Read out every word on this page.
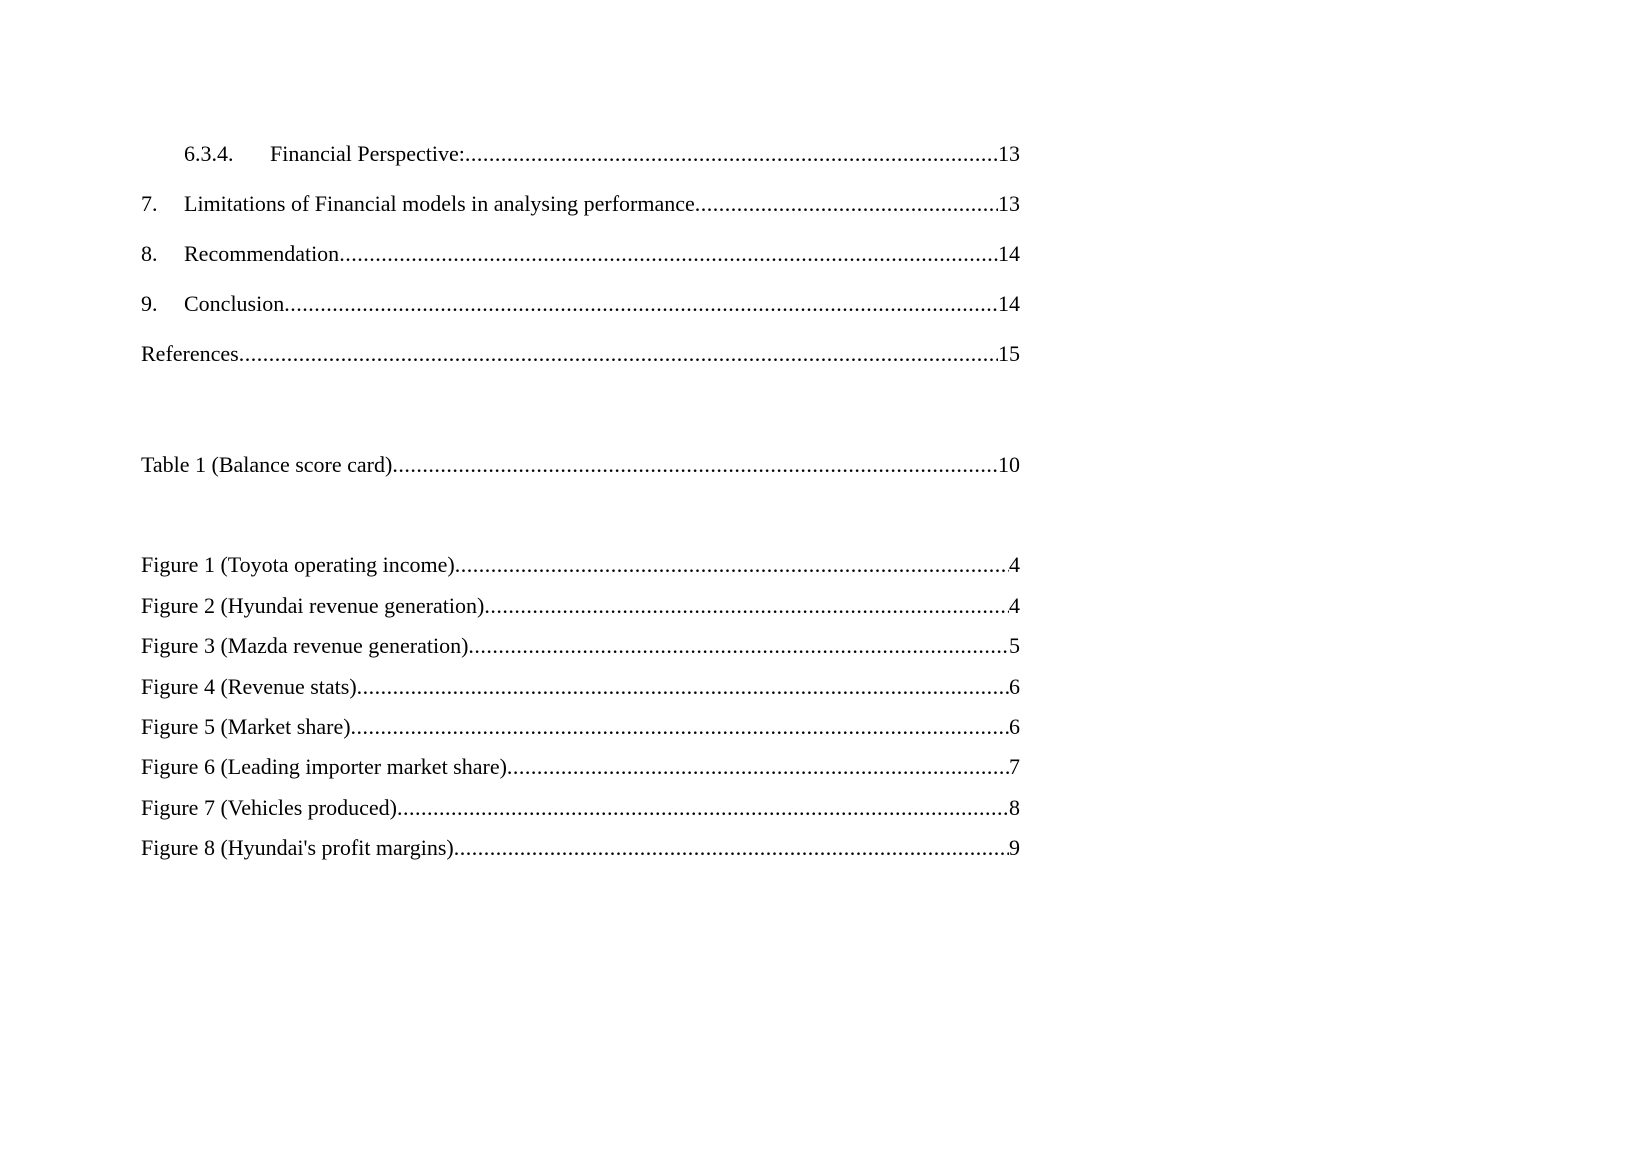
6.3.4.	Financial Perspective: .....	13
7.	Limitations of Financial models in analysing performance .....	13
8.	Recommendation .....	14
9.	Conclusion .....	14
References .....	15
Table 1 (Balance score card) .....	10
Figure 1 (Toyota operating income) .....	4
Figure 2 (Hyundai revenue generation) .....	4
Figure 3 (Mazda revenue generation) .....	5
Figure 4 (Revenue stats) .....	6
Figure 5 (Market share) .....	6
Figure 6 (Leading importer market share) .....	7
Figure 7 (Vehicles produced) .....	8
Figure 8 (Hyundai's profit margins) .....	9
